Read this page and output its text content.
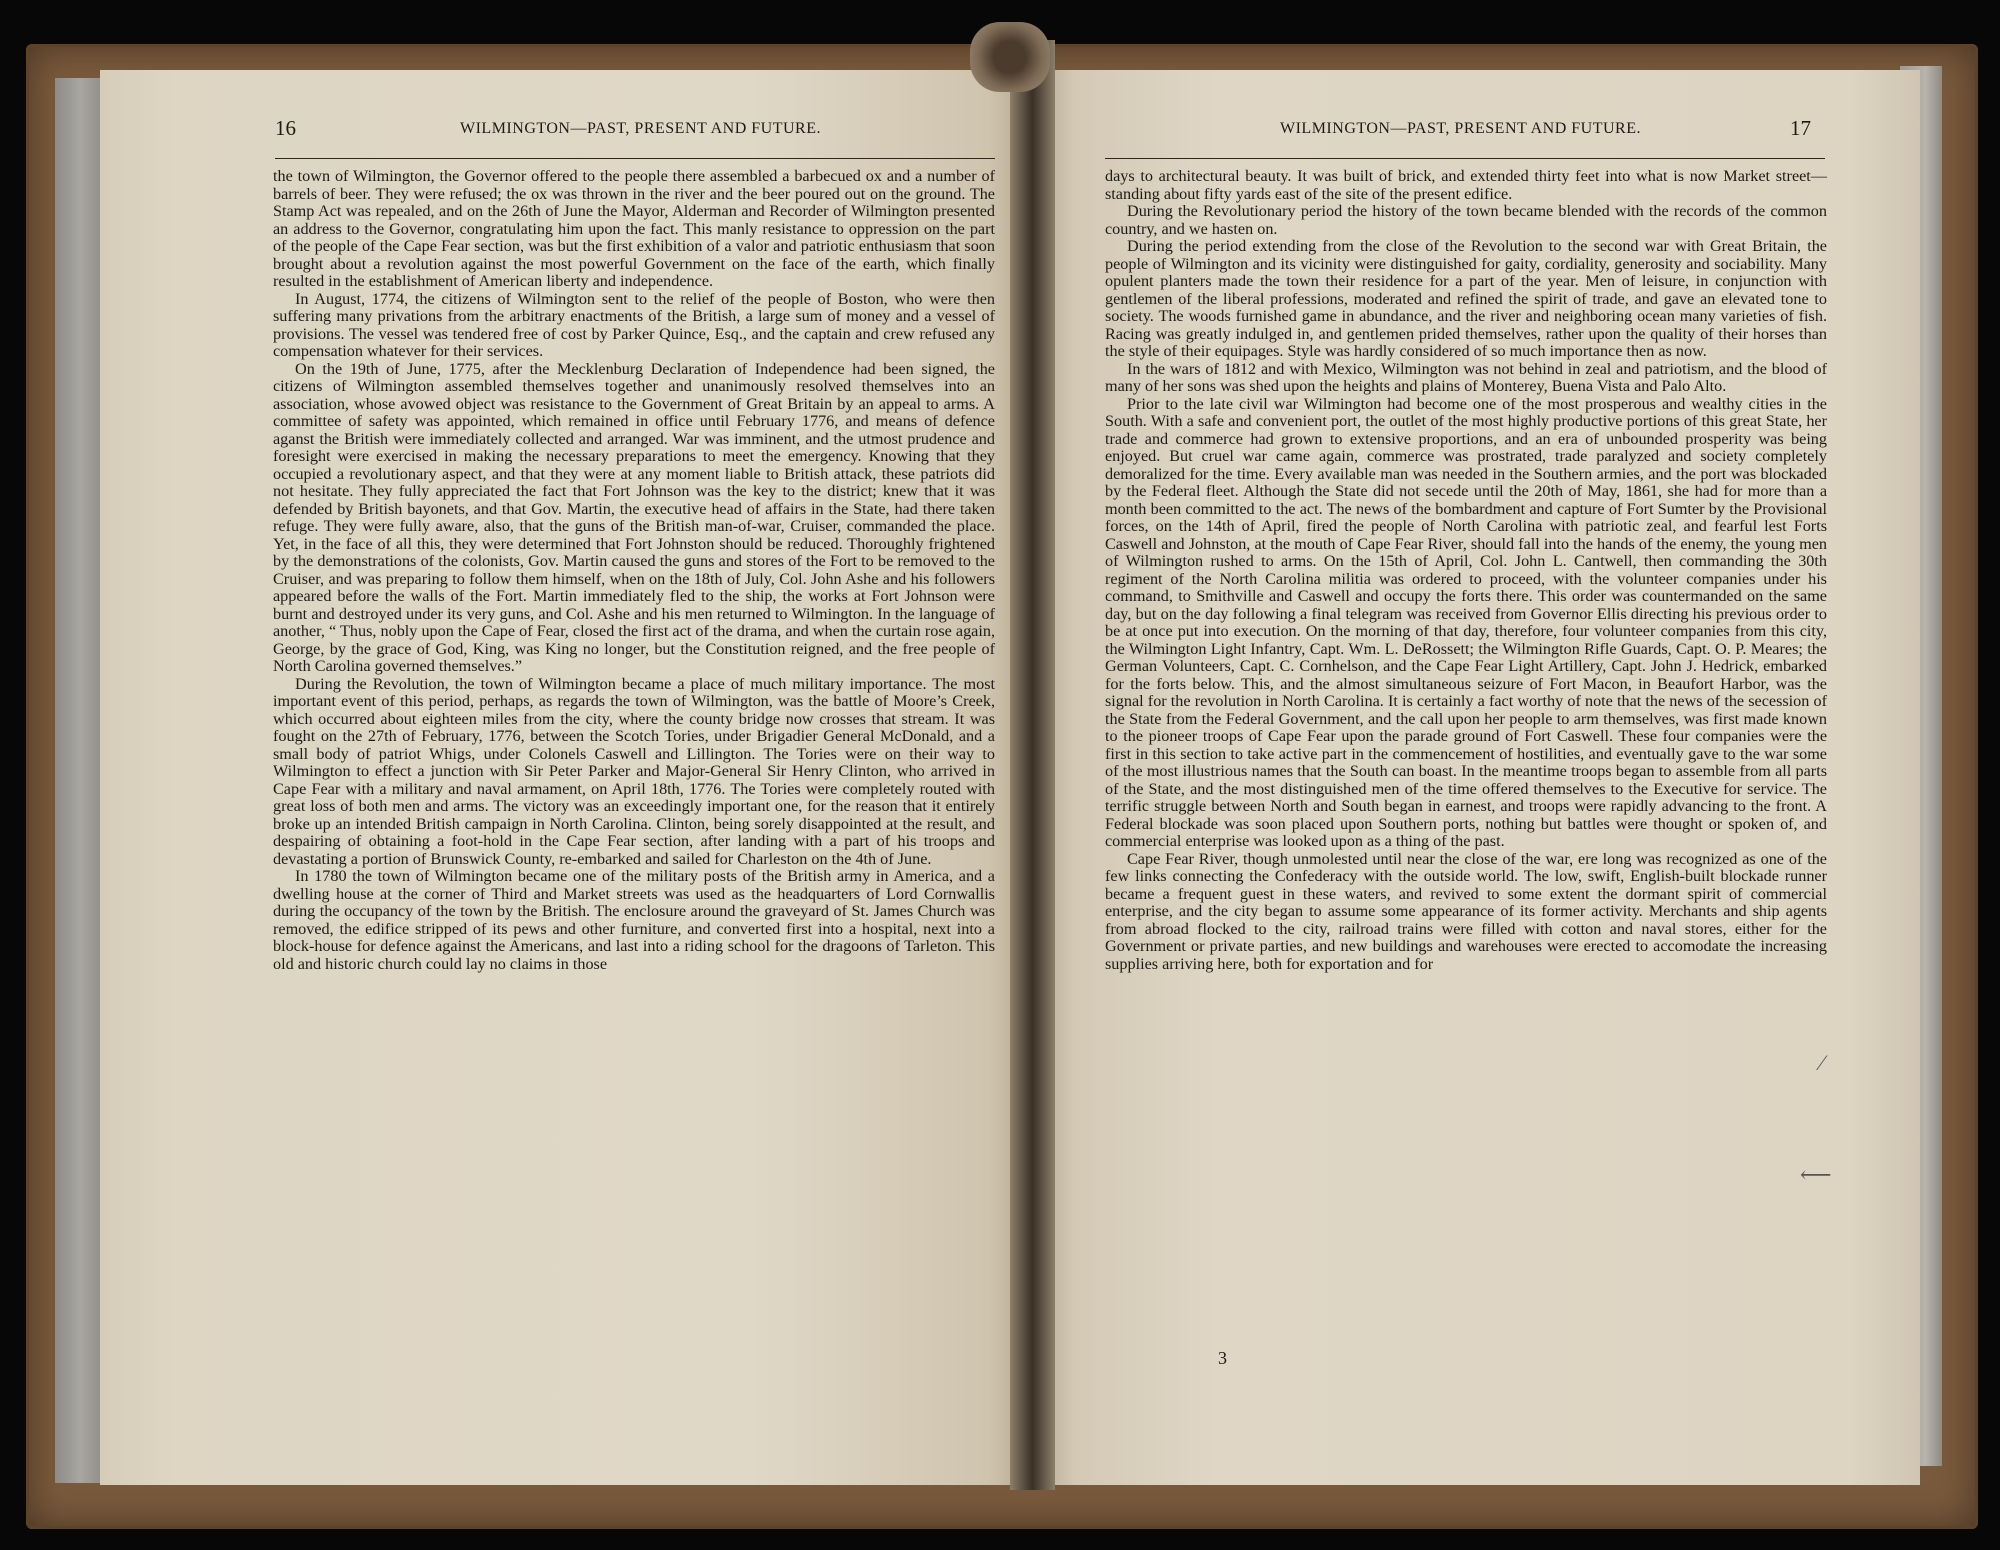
16	WILMINGTON—PAST, PRESENT AND FUTURE.	17
WILMINGTON—PAST, PRESENT AND FUTURE.

the town of Wilmington, the Governor offered to the people there assembled a barbecued ox and a number of barrels of beer. They were refused; the ox was thrown in the river and the beer poured out on the ground. The Stamp Act was repealed, and on the 26th of June the Mayor, Alderman and Recorder of Wilmington presented an address to the Governor, congratulating him upon the fact. This manly resistance to oppression on the part of the people of the Cape Fear section, was but the first exhibition of a valor and patriotic enthusiasm that soon brought about a revolution against the most powerful Government on the face of the earth, which finally resulted in the establishment of American liberty and independence.

In August, 1774, the citizens of Wilmington sent to the relief of the people of Boston, who were then suffering many privations from the arbitrary enactments of the British, a large sum of money and a vessel of provisions. The vessel was tendered free of cost by Parker Quince, Esq., and the captain and crew refused any compensation whatever for their services.

On the 19th of June, 1775, after the Mecklenburg Declaration of Independence had been signed, the citizens of Wilmington assembled themselves together and unanimously resolved themselves into an association, whose avowed object was resistance to the Government of Great Britain by an appeal to arms. A committee of safety was appointed, which remained in office until February 1776, and means of defence aganst the British were immediately collected and arranged. War was imminent, and the utmost prudence and foresight were exercised in making the necessary preparations to meet the emergency. Knowing that they occupied a revolutionary aspect, and that they were at any moment liable to British attack, these patriots did not hesitate. They fully appreciated the fact that Fort Johnson was the key to the district; knew that it was defended by British bayonets, and that Gov. Martin, the executive head of affairs in the State, had there taken refuge. They were fully aware, also, that the guns of the British man-of-war, Cruiser, commanded the place. Yet, in the face of all this, they were determined that Fort Johnston should be reduced. Thoroughly frightened by the demonstrations of the colonists, Gov. Martin caused the guns and stores of the Fort to be removed to the Cruiser, and was preparing to follow them himself, when on the 18th of July, Col. John Ashe and his followers appeared before the walls of the Fort. Martin immediately fled to the ship, the works at Fort Johnson were burnt and destroyed under its very guns, and Col. Ashe and his men returned to Wilmington. In the language of another, “ Thus, nobly upon the Cape of Fear, closed the first act of the drama, and when the curtain rose again, George, by the grace of God, King, was King no longer, but the Constitution reigned, and the free people of North Carolina governed themselves.”

During the Revolution, the town of Wilmington became a place of much military importance. The most important event of this period, perhaps, as regards the town of Wilmington, was the battle of Moore’s Creek, which occurred about eighteen miles from the city, where the county bridge now crosses that stream. It was fought on the 27th of February, 1776, between the Scotch Tories, under Brigadier General McDonald, and a small body of patriot Whigs, under Colonels Caswell and Lillington. The Tories were on their way to Wilmington to effect a junction with Sir Peter Parker and Major-General Sir Henry Clinton, who arrived in Cape Fear with a military and naval armament, on April 18th, 1776. The Tories were completely routed with great loss of both men and arms. The victory was an exceedingly important one, for the reason that it entirely broke up an intended British campaign in North Carolina. Clinton, being sorely disappointed at the result, and despairing of obtaining a foot-hold in the Cape Fear section, after landing with a part of his troops and devastating a portion of Brunswick County, re-embarked and sailed for Charleston on the 4th of June.

In 1780 the town of Wilmington became one of the military posts of the British army in America, and a dwelling house at the corner of Third and Market streets was used as the headquarters of Lord Cornwallis during the occupancy of the town by the British. The enclosure around the graveyard of St. James Church was removed, the edifice stripped of its pews and other furniture, and converted first into a hospital, next into a block-house for defence against the Americans, and last into a riding school for the dragoons of Tarleton. This old and historic church could lay no claims in those

days to architectural beauty. It was built of brick, and extended thirty feet into what is now Market street—standing about fifty yards east of the site of the present edifice.

During the Revolutionary period the history of the town became blended with the records of the common country, and we hasten on.

During the period extending from the close of the Revolution to the second war with Great Britain, the people of Wilmington and its vicinity were distinguished for gaity, cordiality, generosity and sociability. Many opulent planters made the town their residence for a part of the year. Men of leisure, in conjunction with gentlemen of the liberal professions, moderated and refined the spirit of trade, and gave an elevated tone to society. The woods furnished game in abundance, and the river and neighboring ocean many varieties of fish. Racing was greatly indulged in, and gentlemen prided themselves, rather upon the quality of their horses than the style of their equipages. Style was hardly considered of so much importance then as now.

In the wars of 1812 and with Mexico, Wilmington was not behind in zeal and patriotism, and the blood of many of her sons was shed upon the heights and plains of Monterey, Buena Vista and Palo Alto.

Prior to the late civil war Wilmington had become one of the most prosperous and wealthy cities in the South. With a safe and convenient port, the outlet of the most highly productive portions of this great State, her trade and commerce had grown to extensive proportions, and an era of unbounded prosperity was being enjoyed. But cruel war came again, commerce was prostrated, trade paralyzed and society completely demoralized for the time. Every available man was needed in the Southern armies, and the port was blockaded by the Federal fleet. Although the State did not secede until the 20th of May, 1861, she had for more than a month been committed to the act. The news of the bombardment and capture of Fort Sumter by the Provisional forces, on the 14th of April, fired the people of North Carolina with patriotic zeal, and fearful lest Forts Caswell and Johnston, at the mouth of Cape Fear River, should fall into the hands of the enemy, the young men of Wilmington rushed to arms. On the 15th of April, Col. John L. Cantwell, then commanding the 30th regiment of the North Carolina militia was ordered to proceed, with the volunteer companies under his command, to Smithville and Caswell and occupy the forts there. This order was countermanded on the same day, but on the day following a final telegram was received from Governor Ellis directing his previous order to be at once put into execution. On the morning of that day, therefore, four volunteer companies from this city, the Wilmington Light Infantry, Capt. Wm. L. DeRossett; the Wilmington Rifle Guards, Capt. O. P. Meares; the German Volunteers, Capt. C. Cornhelson, and the Cape Fear Light Artillery, Capt. John J. Hedrick, embarked for the forts below. This, and the almost simultaneous seizure of Fort Macon, in Beaufort Harbor, was the signal for the revolution in North Carolina. It is certainly a fact worthy of note that the news of the secession of the State from the Federal Government, and the call upon her people to arm themselves, was first made known to the pioneer troops of Cape Fear upon the parade ground of Fort Caswell. These four companies were the first in this section to take active part in the commencement of hostilities, and eventually gave to the war some of the most illustrious names that the South can boast. In the meantime troops began to assemble from all parts of the State, and the most distinguished men of the time offered themselves to the Executive for service. The terrific struggle between North and South began in earnest, and troops were rapidly advancing to the front. A Federal blockade was soon placed upon Southern ports, nothing but battles were thought or spoken of, and commercial enterprise was looked upon as a thing of the past.

Cape Fear River, though unmolested until near the close of the war, ere long was recognized as one of the few links connecting the Confederacy with the outside world. The low, swift, English-built blockade runner became a frequent guest in these waters, and revived to some extent the dormant spirit of commercial enterprise, and the city began to assume some appearance of its former activity. Merchants and ship agents from abroad flocked to the city, railroad trains were filled with cotton and naval stores, either for the Government or private parties, and new buildings and warehouses were erected to accomodate the increasing supplies arriving here, both for exportation and for

3
⁄
⟵
